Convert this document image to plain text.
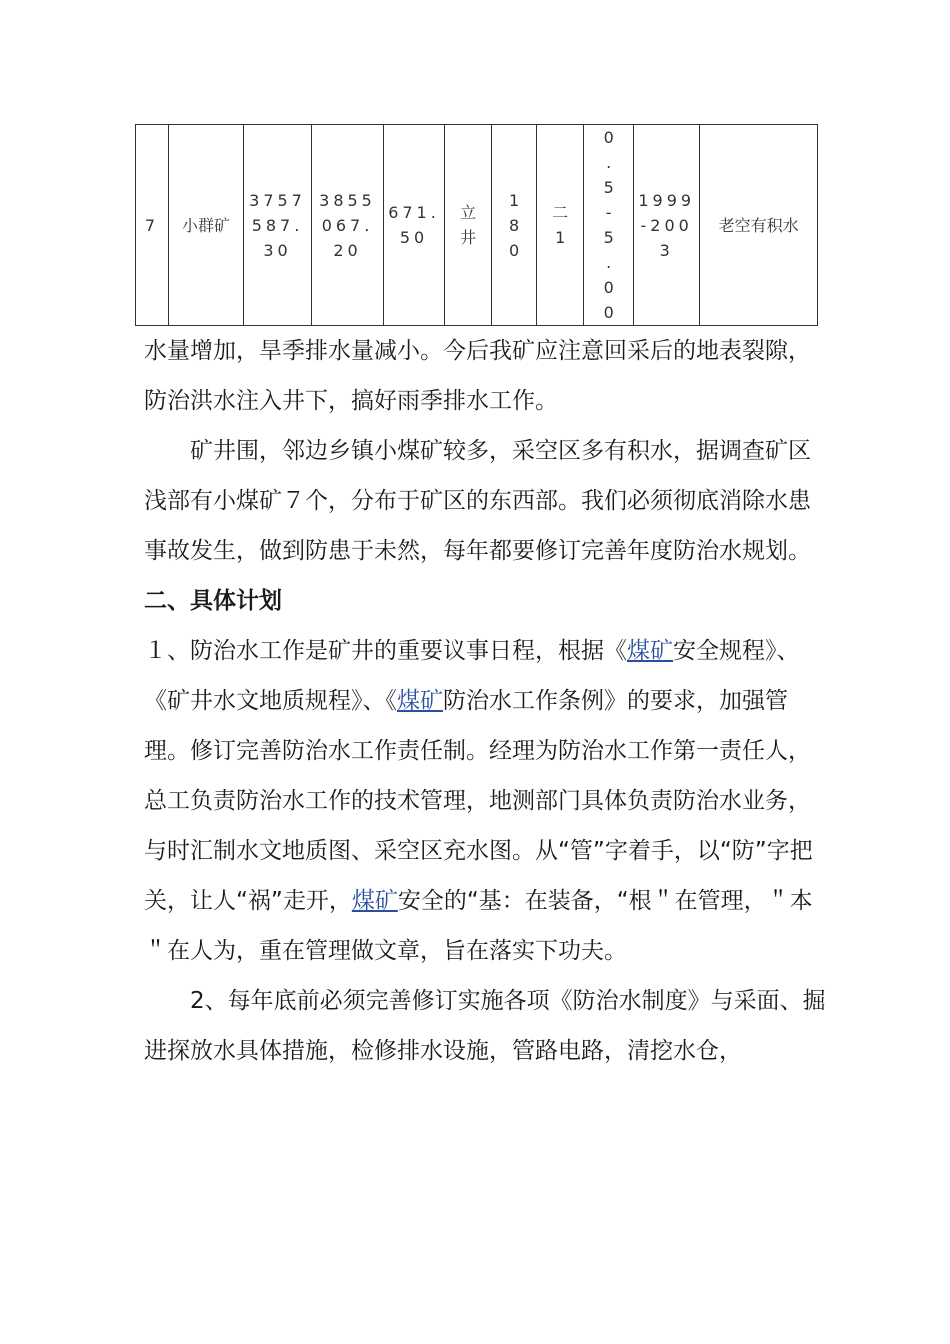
7	小群矿	3757587.30	3855067.20	671.50	立井	180	二1	0.5-5.00	1999-2003	老空有积水

水量增加，旱季排水量减小。今后我矿应注意回采后的地表裂隙，防治洪水注入井下，搞好雨季排水工作。

矿井围，邻边乡镇小煤矿较多，采空区多有积水，据调查矿区浅部有小煤矿７个，分布于矿区的东西部。我们必须彻底消除水患事故发生，做到防患于未然，每年都要修订完善年度防治水规划。

二、具体计划

１、防治水工作是矿井的重要议事日程，根据《煤矿安全规程》、《矿井水文地质规程》、《煤矿防治水工作条例》的要求，加强管理。修订完善防治水工作责任制。经理为防治水工作第一责任人，总工负责防治水工作的技术管理，地测部门具体负责防治水业务，与时汇制水文地质图、采空区充水图。从“管”字着手，以“防”字把关，让人“祸”走开，煤矿安全的“基：在装备，“根＂在管理，＂本＂在人为，重在管理做文章，旨在落实下功夫。

2、每年底前必须完善修订实施各项《防治水制度》与采面、掘进探放水具体措施，检修排水设施，管路电路，清挖水仓，
